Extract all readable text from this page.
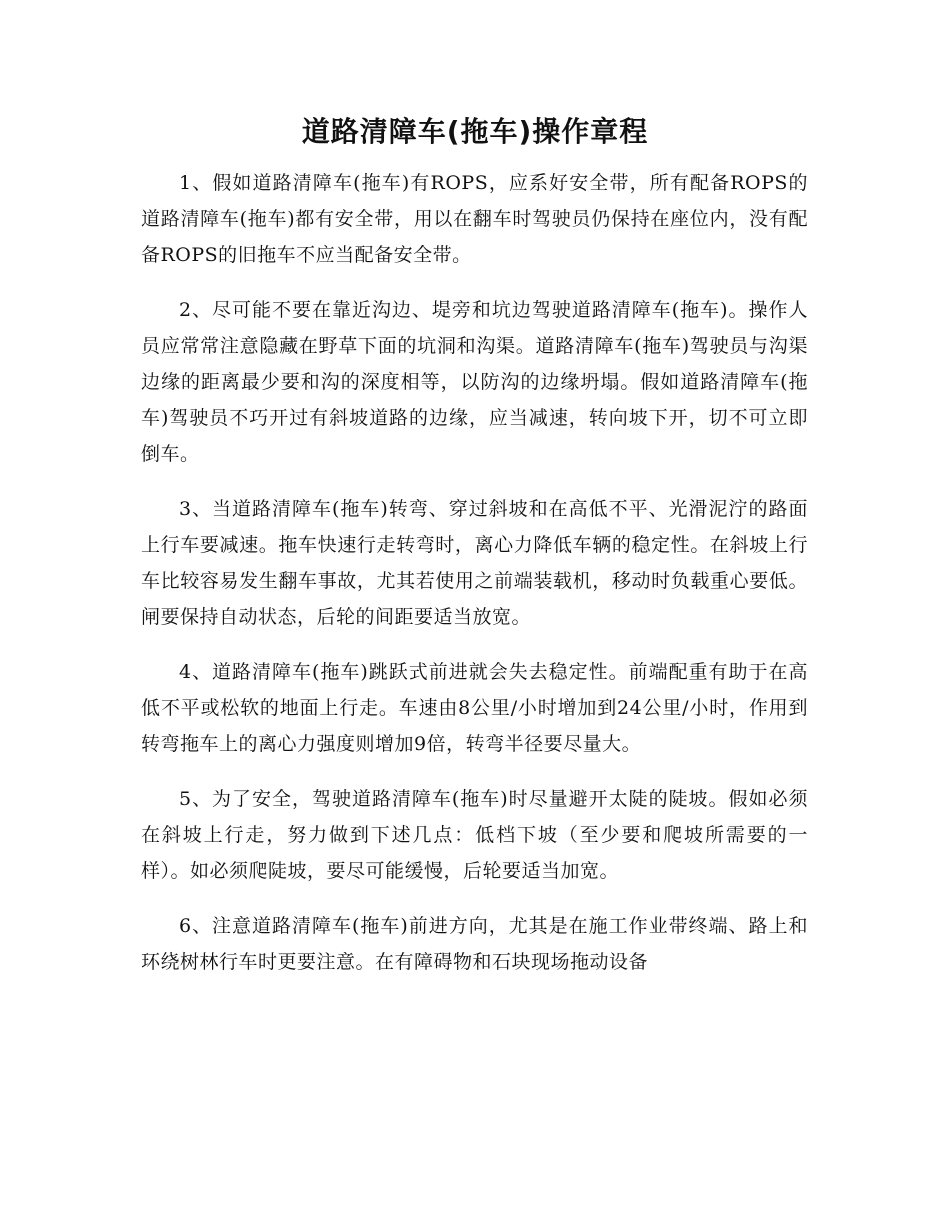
道路清障车(拖车)操作章程

1、假如道路清障车(拖车)有ROPS，应系好安全带，所有配备ROPS的道路清障车(拖车)都有安全带，用以在翻车时驾驶员仍保持在座位内，没有配备ROPS的旧拖车不应当配备安全带。

2、尽可能不要在靠近沟边、堤旁和坑边驾驶道路清障车(拖车)。操作人员应常常注意隐藏在野草下面的坑洞和沟渠。道路清障车(拖车)驾驶员与沟渠边缘的距离最少要和沟的深度相等，以防沟的边缘坍塌。假如道路清障车(拖车)驾驶员不巧开过有斜坡道路的边缘，应当减速，转向坡下开，切不可立即倒车。

3、当道路清障车(拖车)转弯、穿过斜坡和在高低不平、光滑泥泞的路面上行车要减速。拖车快速行走转弯时，离心力降低车辆的稳定性。在斜坡上行车比较容易发生翻车事故，尤其若使用之前端装载机，移动时负载重心要低。闸要保持自动状态，后轮的间距要适当放宽。

4、道路清障车(拖车)跳跃式前进就会失去稳定性。前端配重有助于在高低不平或松软的地面上行走。车速由8公里/小时增加到24公里/小时，作用到转弯拖车上的离心力强度则增加9倍，转弯半径要尽量大。

5、为了安全，驾驶道路清障车(拖车)时尽量避开太陡的陡坡。假如必须在斜坡上行走，努力做到下述几点：低档下坡（至少要和爬坡所需要的一样）。如必须爬陡坡，要尽可能缓慢，后轮要适当加宽。

6、注意道路清障车(拖车)前进方向，尤其是在施工作业带终端、路上和环绕树林行车时更要注意。在有障碍物和石块现场拖动设备
